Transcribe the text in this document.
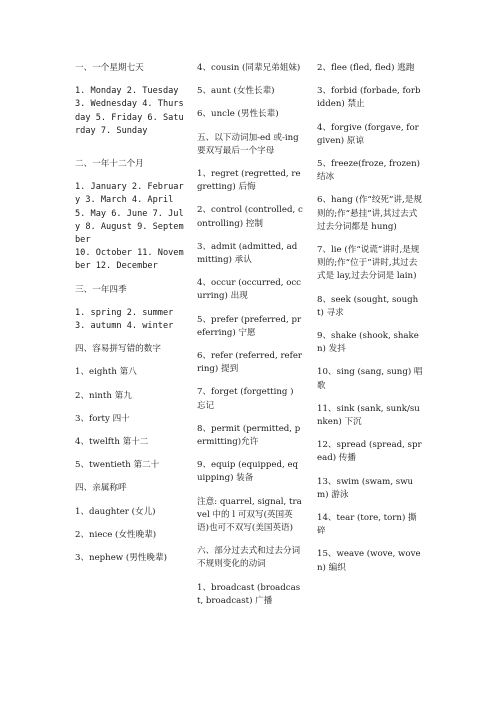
一、一个星期七天

1. Monday 2. Tuesday 3. Wednesday 4. Thursday 5. Friday 6. Saturday 7. Sunday

二、一年十二个月

1. January 2. February 3. March 4. April 5. May 6. June 7. July 8. August 9. September

10. October 11. November 12. December

三、一年四季

1. spring 2. summer 3. autumn 4. winter

四、容易拼写错的数字

1、eighth 第八

2、ninth 第九

3、forty 四十

4、twelfth 第十二

5、twentieth 第二十

四、亲属称呼

1、daughter (女儿)

2、niece (女性晚辈)

3、nephew (男性晚辈)

4、cousin (同辈兄弟姐妹)

5、aunt (女性长辈)

6、uncle (男性长辈)

五、以下动词加-ed 或-ing 要双写最后一个字母

1、regret (regretted, regretting) 后悔

2、control (controlled, controlling) 控制

3、admit (admitted, admitting) 承认

4、occur (occurred, occurring) 出现

5、prefer (preferred, preferring) 宁愿

6、refer (referred, referring) 提到

7、forget (forgetting ) 忘记

8、permit (permitted, permitting)允许

9、equip (equipped, equipping) 装备

注意: quarrel, signal, travel 中的 l 可双写(英国英语)也可不双写(美国英语)

六、部分过去式和过去分词不规则变化的动词

1、broadcast (broadcast, broadcast) 广播

2、flee (fled, fled) 逃跑

3、forbid (forbade, forbidden) 禁止

4、forgive (forgave, forgiven) 原谅

5、freeze(froze, frozen) 结冰

6、hang (作“绞死”讲,是规则的;作“悬挂”讲,其过去式过去分词都是 hung)

7、lie (作“说谎”讲时,是规则的;作“位于”讲时,其过去式是 lay,过去分词是 lain)

8、seek (sought, sought) 寻求

9、shake (shook, shaken) 发抖

10、sing (sang, sung) 唱歌

11、sink (sank, sunk/sunken) 下沉

12、spread (spread, spread) 传播

13、swim (swam, swum) 游泳

14、tear (tore, torn) 撕碎

15、weave (wove, woven) 编织
